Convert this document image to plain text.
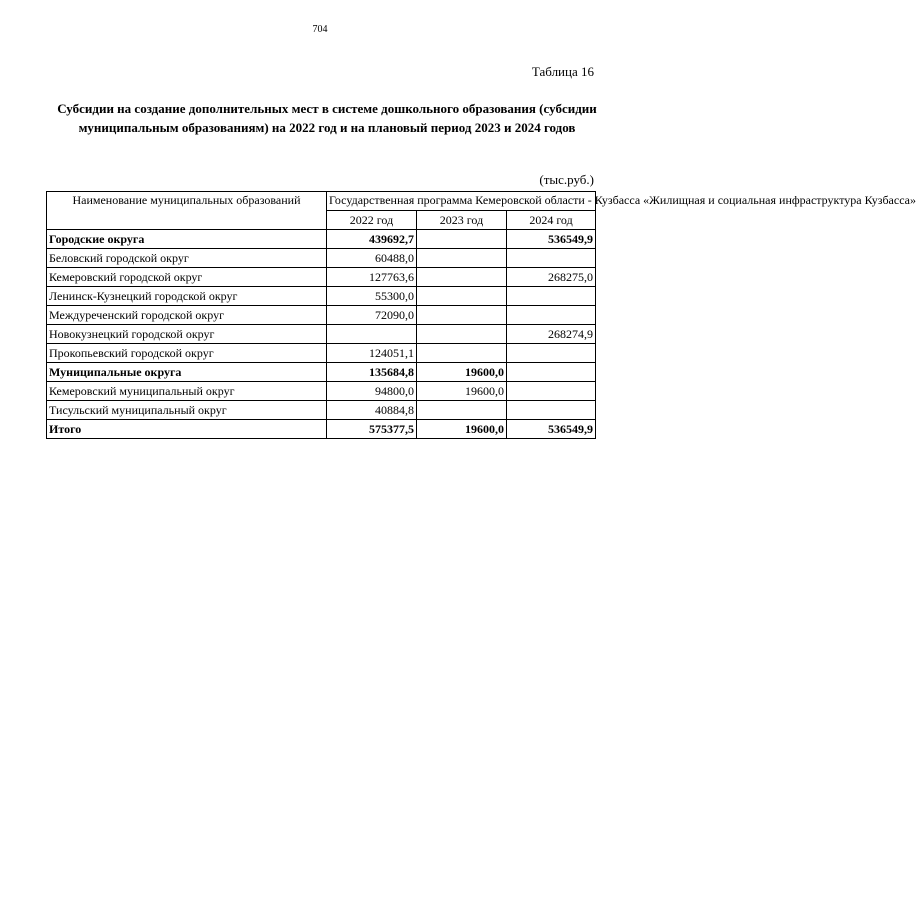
704
Таблица 16
Субсидии на создание дополнительных мест в системе дошкольного образования (субсидии муниципальным образованиям) на 2022 год и на плановый период 2023 и 2024 годов
(тыс.руб.)
Наименование муниципальных образований	Государственная программа Кемеровской области - Кузбасса «Жилищная и социальная инфраструктура Кузбасса»		
	2022 год	2023 год	2024 год
Городские округа	439692,7		536549,9
Беловский городской округ	60488,0		
Кемеровский городской округ	127763,6		268275,0
Ленинск-Кузнецкий городской округ	55300,0		
Междуреченский городской округ	72090,0		
Новокузнецкий городской округ			268274,9
Прокопьевский городской округ	124051,1		
Муниципальные округа	135684,8	19600,0	
Кемеровский муниципальный округ	94800,0	19600,0	
Тисульский муниципальный округ	40884,8		
Итого	575377,5	19600,0	536549,9
